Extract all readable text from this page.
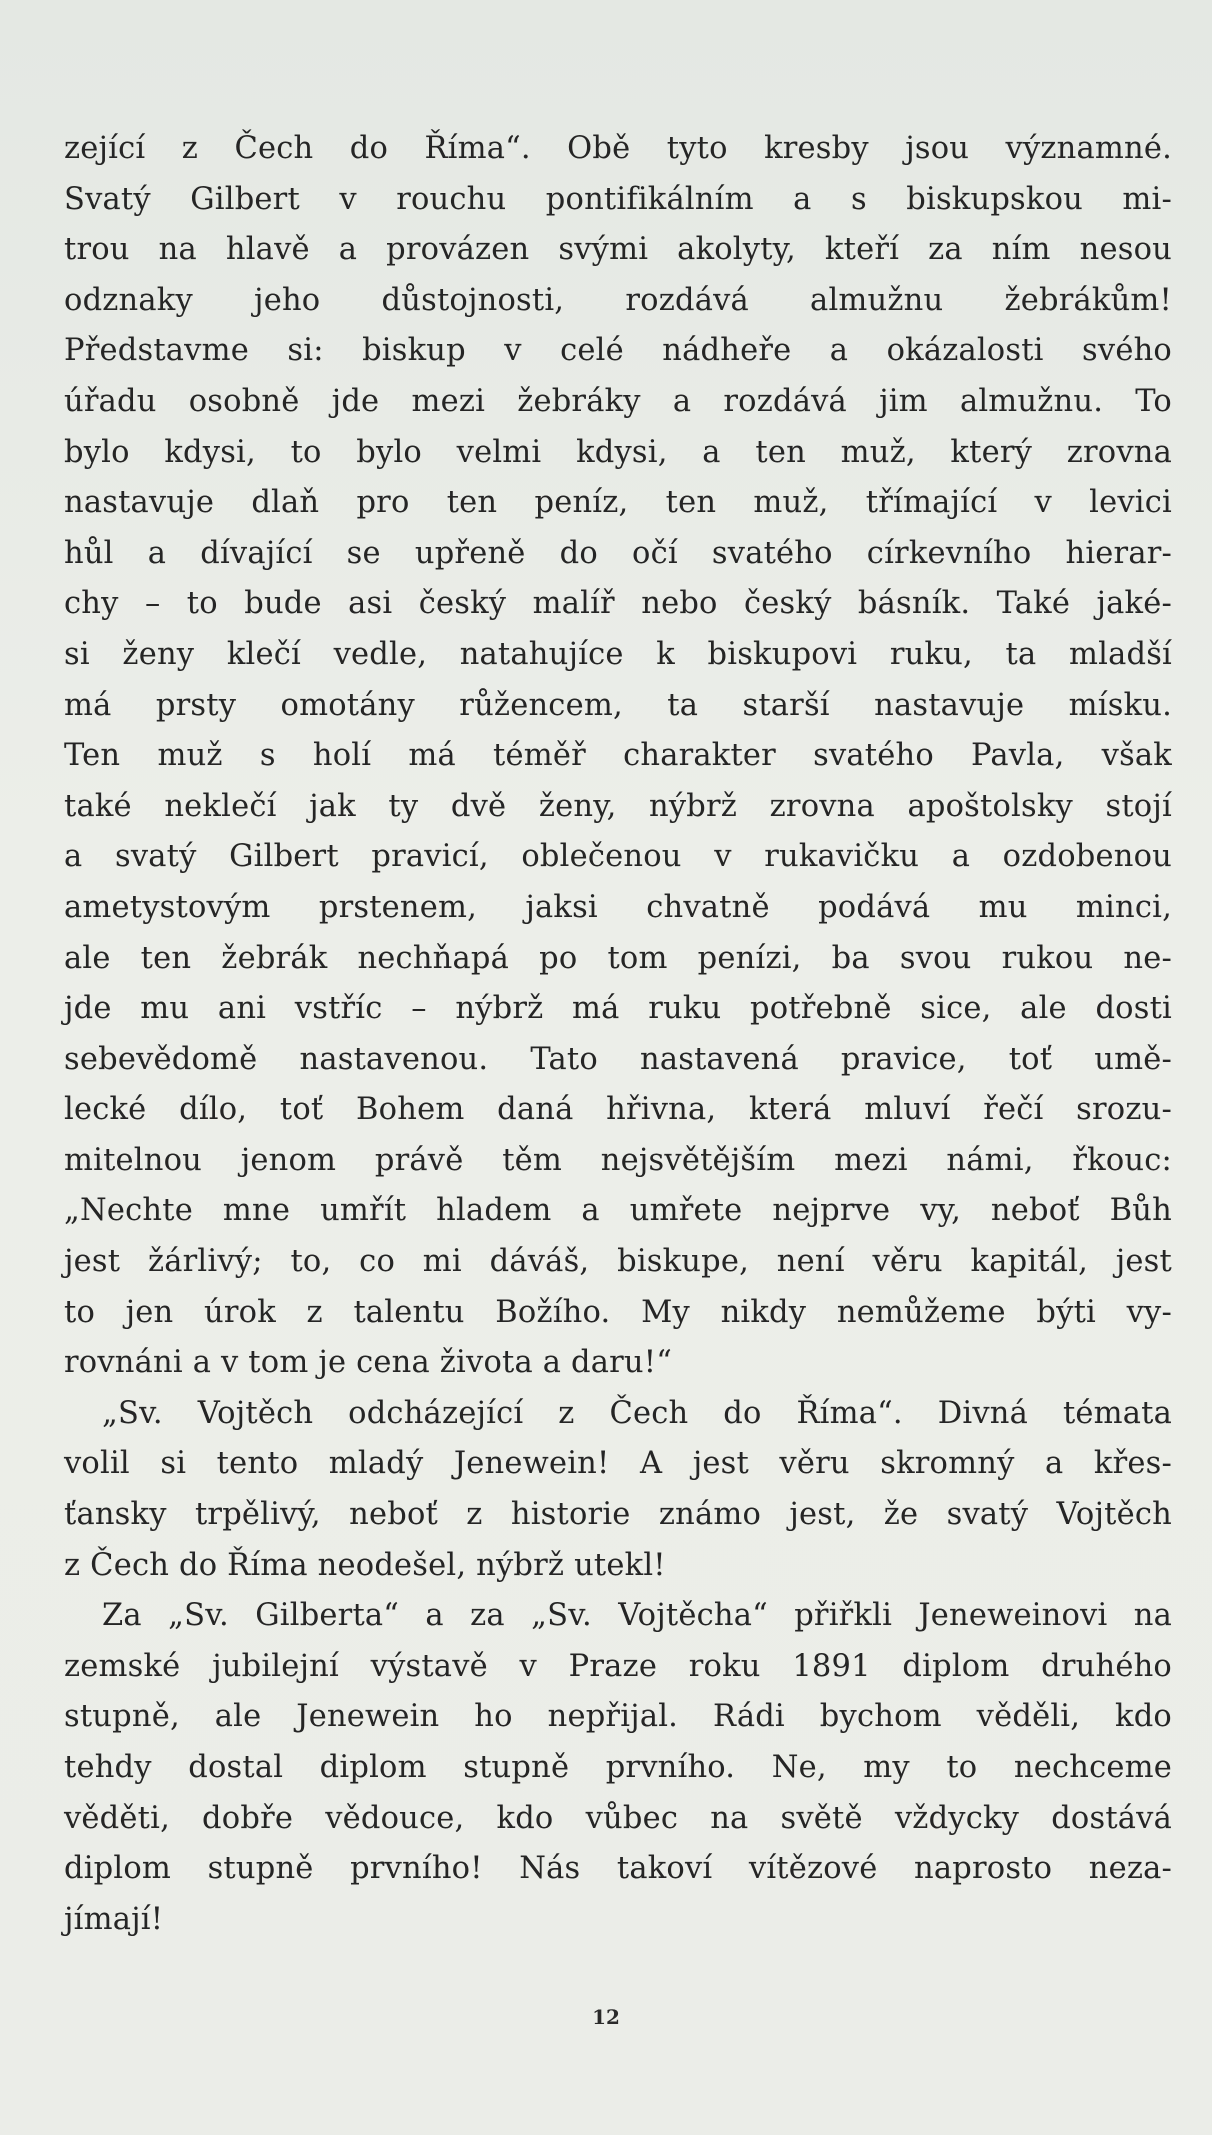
zející z Čech do Říma“. Obě tyto kresby jsou významné.
Svatý Gilbert v rouchu pontifikálním a s biskupskou mi-
trou na hlavě a provázen svými akolyty, kteří za ním nesou
odznaky jeho důstojnosti, rozdává almužnu žebrákům!
Představme si: biskup v celé nádheře a okázalosti svého
úřadu osobně jde mezi žebráky a rozdává jim almužnu. To
bylo kdysi, to bylo velmi kdysi, a ten muž, který zrovna
nastavuje dlaň pro ten peníz, ten muž, třímající v levici
hůl a dívající se upřeně do očí svatého církevního hierar-
chy – to bude asi český malíř nebo český básník. Také jaké-
si ženy klečí vedle, natahujíce k biskupovi ruku, ta mladší
má prsty omotány růžencem, ta starší nastavuje mísku.
Ten muž s holí má téměř charakter svatého Pavla, však
také neklečí jak ty dvě ženy, nýbrž zrovna apoštolsky stojí
a svatý Gilbert pravicí, oblečenou v rukavičku a ozdobenou
ametystovým prstenem, jaksi chvatně podává mu minci,
ale ten žebrák nechňapá po tom penízi, ba svou rukou ne-
jde mu ani vstříc – nýbrž má ruku potřebně sice, ale dosti
sebevědomě nastavenou. Tato nastavená pravice, toť umě-
lecké dílo, toť Bohem daná hřivna, která mluví řečí srozu-
mitelnou jenom právě těm nejsvětějším mezi námi, řkouc:
„Nechte mne umřít hladem a umřete nejprve vy, neboť Bůh
jest žárlivý; to, co mi dáváš, biskupe, není věru kapitál, jest
to jen úrok z talentu Božího. My nikdy nemůžeme býti vy-
rovnáni a v tom je cena života a daru!“
„Sv. Vojtěch odcházející z Čech do Říma“. Divná témata
volil si tento mladý Jenewein! A jest věru skromný a křes-
ťansky trpělivý, neboť z historie známo jest, že svatý Vojtěch
z Čech do Říma neodešel, nýbrž utekl!
Za „Sv. Gilberta“ a za „Sv. Vojtěcha“ přiřkli Jeneweinovi na
zemské jubilejní výstavě v Praze roku 1891 diplom druhého
stupně, ale Jenewein ho nepřijal. Rádi bychom věděli, kdo
tehdy dostal diplom stupně prvního. Ne, my to nechceme
věděti, dobře vědouce, kdo vůbec na světě vždycky dostává
diplom stupně prvního! Nás takoví vítězové naprosto neza-
jímají!
12
